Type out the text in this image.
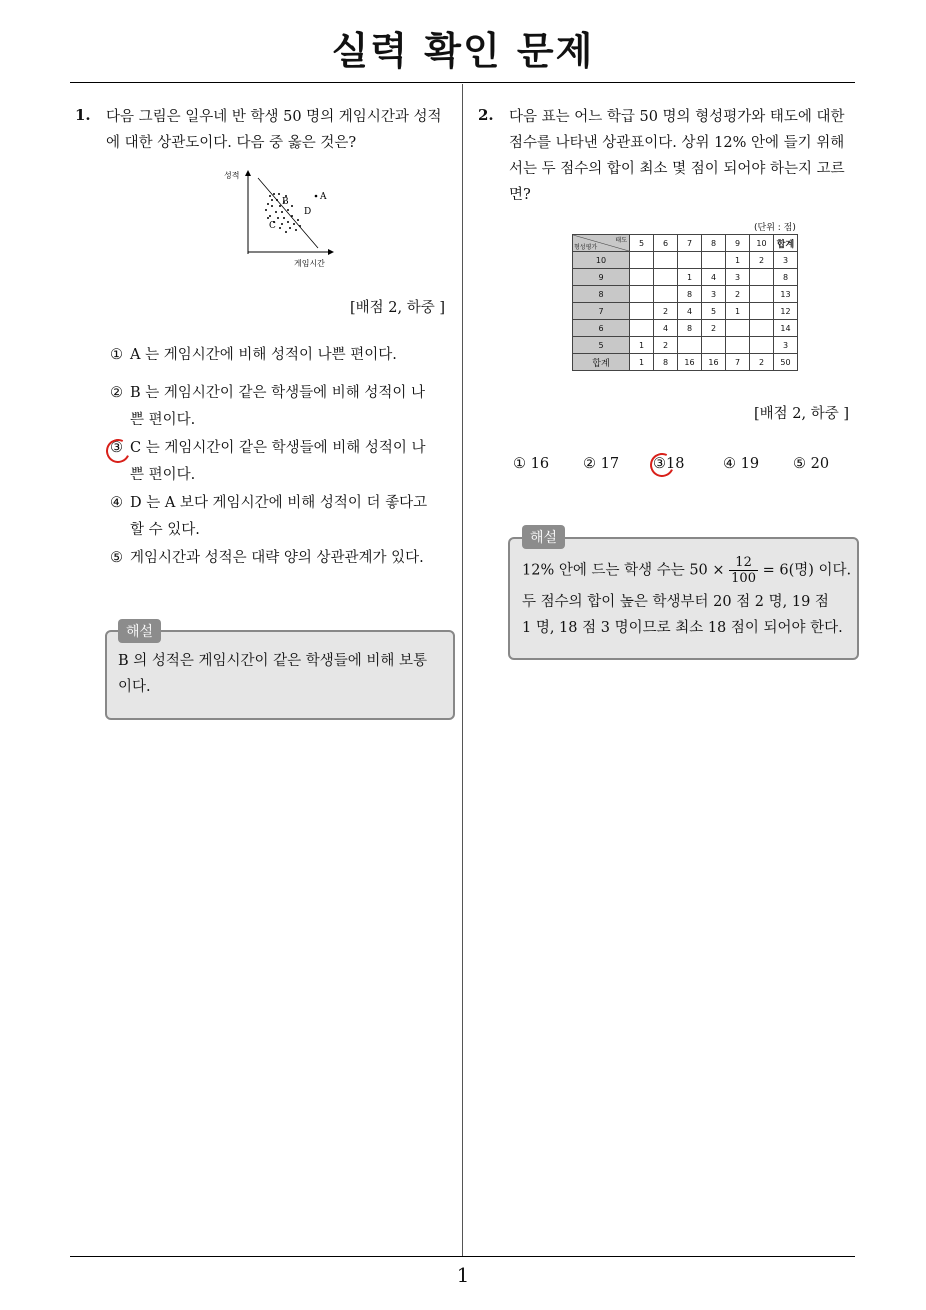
실력 확인 문제
1
1. 다음 그림은 일우네 반 학생 50 명의 게임시간과 성적
에 대한 상관도이다. 다음 중 옳은 것은?
A
B
C
D
성적
게임시간
[배점 2, 하중 ]
① A 는 게임시간에 비해 성적이 나쁜 편이다.
② B 는 게임시간이 같은 학생들에 비해 성적이 나
쁜 편이다.
③ C 는 게임시간이 같은 학생들에 비해 성적이 나
쁜 편이다.
④ D 는 A 보다 게임시간에 비해 성적이 더 좋다고
할 수 있다.
⑤ 게임시간과 성적은 대략 양의 상관관계가 있다.
해설
B 의 성적은 게임시간이 같은 학생들에 비해 보통
이다.
2. 다음 표는 어느 학급 50 명의 형성평가와 태도에 대한
점수를 나타낸 상관표이다. 상위 12% 안에 들기 위해
서는 두 점수의 합이 최소 몇 점이 되어야 하는지 고르
면?
(단위 : 점)
태도
형성평가	5	6	7	8	9	10	합계
10					1	2	3
9			1	4	3		8
8			8	3	2		13
7		2	4	5	1		12
6		4	8	2			14
5	1	2					3
합계	1	8	16	16	7	2	50
[배점 2, 하중 ]
① 16 ② 17 ③18	④ 19 ⑤ 20
해설
12% 안에 드는 학생 수는 $50 \times \frac{12}{100} = 6$(명) 이다.
두 점수의 합이 높은 학생부터 20 점 2 명, 19 점
1 명, 18 점 3 명이므로 최소 18 점이 되어야 한다.
